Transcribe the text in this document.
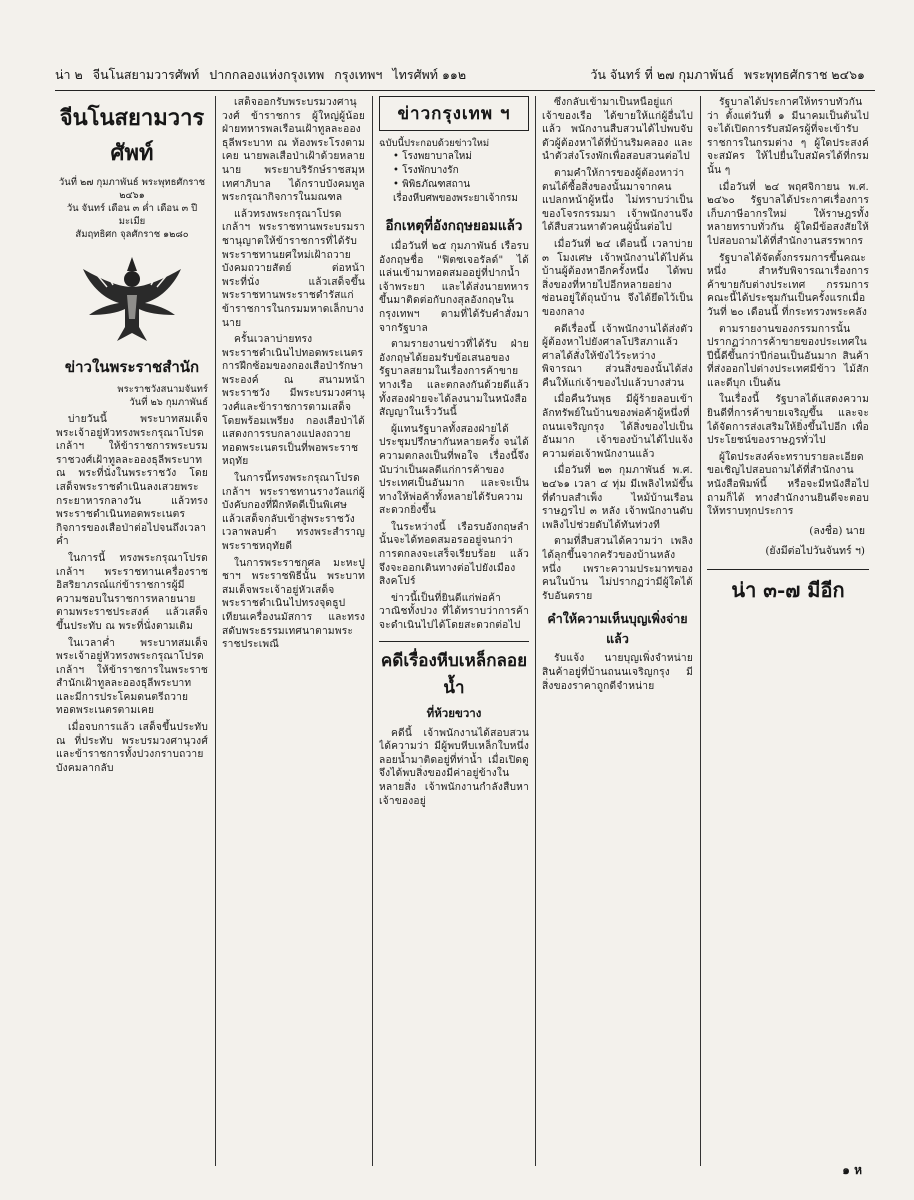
น่า ๒ จีนโนสยามวารศัพท์ ปากกลองแห่งกรุงเทพ กรุงเทพฯ ไทรศัพท์ ๑๑๒	วัน จันทร์ ที่ ๒๗ กุมภาพันธ์ พระพุทธศักราช ๒๔๖๑
จีนโนสยามวารศัพท์

วันที่ ๒๗ กุมภาพันธ์ พระพุทธศักราช ๒๔๖๑

วัน จันทร์ เดือน ๓ ค่ำ เดือน ๓ ปีมะเมีย

สัมฤทธิศก จุลศักราช ๑๒๘๐

ข่าวในพระราชสำนัก

พระราชวังสนามจันทร์

วันที่ ๒๖ กุมภาพันธ์

บ่ายวันนี้ พระบาทสมเด็จพระเจ้าอยู่หัวทรงพระกรุณาโปรดเกล้าฯ ให้ข้าราชการพระบรมราชวงศ์เฝ้าทูลละอองธุลีพระบาท ณ พระที่นั่งในพระราชวัง โดยเสด็จพระราชดำเนินลงเสวยพระกระยาหารกลางวัน แล้วทรงพระราชดำเนินทอดพระเนตรกิจการของเสือป่าต่อไปจนถึงเวลาค่ำ

ในการนี้ ทรงพระกรุณาโปรดเกล้าฯ พระราชทานเครื่องราชอิสริยาภรณ์แก่ข้าราชการผู้มีความชอบในราชการหลายนาย ตามพระราชประสงค์ แล้วเสด็จขึ้นประทับ ณ พระที่นั่งตามเดิม

ในเวลาค่ำ พระบาทสมเด็จพระเจ้าอยู่หัวทรงพระกรุณาโปรดเกล้าฯ ให้ข้าราชการในพระราชสำนักเฝ้าทูลละอองธุลีพระบาท และมีการประโคมดนตรีถวายทอดพระเนตรตามเคย

เมื่อจบการแล้ว เสด็จขึ้นประทับ ณ ที่ประทับ พระบรมวงศานุวงศ์และข้าราชการทั้งปวงกราบถวายบังคมลากลับ

เสด็จออกรับพระบรมวงศานุวงศ์ ข้าราชการ ผู้ใหญ่ผู้น้อยฝ่ายทหารพลเรือนเฝ้าทูลละอองธุลีพระบาท ณ ท้องพระโรงตามเคย นายพลเสือป่าเฝ้าด้วยหลายนาย พระยาบริรักษ์ราชสมุหเทศาภิบาล ได้กราบบังคมทูลพระกรุณากิจการในมณฑล

แล้วทรงพระกรุณาโปรดเกล้าฯ พระราชทานพระบรมราชานุญาตให้ข้าราชการที่ได้รับพระราชทานยศใหม่เฝ้าถวายบังคมถวายสัตย์ ต่อหน้าพระที่นั่ง แล้วเสด็จขึ้นพระราชทานพระราชดำรัสแก่ข้าราชการในกรมมหาดเล็กบางนาย

ครั้นเวลาบ่ายทรงพระราชดำเนินไปทอดพระเนตรการฝึกซ้อมของกองเสือป่ารักษาพระองค์ ณ สนามหน้าพระราชวัง มีพระบรมวงศานุวงศ์และข้าราชการตามเสด็จโดยพร้อมเพรียง กองเสือป่าได้แสดงการรบกลางแปลงถวายทอดพระเนตรเป็นที่พอพระราชหฤทัย

ในการนี้ทรงพระกรุณาโปรดเกล้าฯ พระราชทานรางวัลแก่ผู้บังคับกองที่ฝึกหัดดีเป็นพิเศษ แล้วเสด็จกลับเข้าสู่พระราชวังเวลาพลบค่ำ ทรงพระสำราญพระราชหฤทัยดี

ในการพระราชกุศล มะหะปูชาฯ พระราชพิธีนั้น พระบาทสมเด็จพระเจ้าอยู่หัวเสด็จพระราชดำเนินไปทรงจุดธูปเทียนเครื่องนมัสการ และทรงสดับพระธรรมเทศนาตามพระราชประเพณี

ข่าวกรุงเทพ ฯ

ฉบับนี้ประกอบด้วยข่าวใหม่

• โรงพยาบาลใหม่
• โรงพักบางรัก
• พิพิธภัณฑสถาน
เรื่องหีบศพของพระยาเจ้ากรม
อีกเหตุที่อังกฤษยอมแล้ว

เมื่อวันที่ ๒๕ กุมภาพันธ์ เรือรบอังกฤษชื่อ "ฟิตซเจอรัลด์" ได้แล่นเข้ามาทอดสมออยู่ที่ปากน้ำเจ้าพระยา และได้ส่งนายทหารขึ้นมาติดต่อกับกงสุลอังกฤษในกรุงเทพฯ ตามที่ได้รับคำสั่งมาจากรัฐบาล

ตามรายงานข่าวที่ได้รับ ฝ่ายอังกฤษได้ยอมรับข้อเสนอของรัฐบาลสยามในเรื่องการค้าขายทางเรือ และตกลงกันด้วยดีแล้ว ทั้งสองฝ่ายจะได้ลงนามในหนังสือสัญญาในเร็ววันนี้

ผู้แทนรัฐบาลทั้งสองฝ่ายได้ประชุมปรึกษากันหลายครั้ง จนได้ความตกลงเป็นที่พอใจ เรื่องนี้จึงนับว่าเป็นผลดีแก่การค้าของประเทศเป็นอันมาก และจะเป็นทางให้พ่อค้าทั้งหลายได้รับความสะดวกยิ่งขึ้น

ในระหว่างนี้ เรือรบอังกฤษลำนั้นจะได้ทอดสมอรออยู่จนกว่าการตกลงจะเสร็จเรียบร้อย แล้วจึงจะออกเดินทางต่อไปยังเมืองสิงคโปร์

ข่าวนี้เป็นที่ยินดีแก่พ่อค้าวาณิชทั้งปวง ที่ได้ทราบว่าการค้าจะดำเนินไปได้โดยสะดวกต่อไป

คดีเรื่องหีบเหล็กลอยน้ำ
ที่ห้วยขวาง

คดีนี้ เจ้าพนักงานได้สอบสวนได้ความว่า มีผู้พบหีบเหล็กใบหนึ่งลอยน้ำมาติดอยู่ที่ท่าน้ำ เมื่อเปิดดูจึงได้พบสิ่งของมีค่าอยู่ข้างในหลายสิ่ง เจ้าพนักงานกำลังสืบหาเจ้าของอยู่

ซึ่งกลับเข้ามาเป็นหนี้อยู่แก่เจ้าของเรือ ได้ขายให้แก่ผู้อื่นไปแล้ว พนักงานสืบสวนได้ไปพบจับตัวผู้ต้องหาได้ที่บ้านริมคลอง และนำตัวส่งโรงพักเพื่อสอบสวนต่อไป

ตามคำให้การของผู้ต้องหาว่า ตนได้ซื้อสิ่งของนั้นมาจากคนแปลกหน้าผู้หนึ่ง ไม่ทราบว่าเป็นของโจรกรรมมา เจ้าพนักงานจึงได้สืบสวนหาตัวคนผู้นั้นต่อไป

เมื่อวันที่ ๒๔ เดือนนี้ เวลาบ่าย ๓ โมงเศษ เจ้าพนักงานได้ไปค้นบ้านผู้ต้องหาอีกครั้งหนึ่ง ได้พบสิ่งของที่หายไปอีกหลายอย่าง ซ่อนอยู่ใต้ถุนบ้าน จึงได้ยึดไว้เป็นของกลาง

คดีเรื่องนี้ เจ้าพนักงานได้ส่งตัวผู้ต้องหาไปยังศาลโปริสภาแล้ว ศาลได้สั่งให้ขังไว้ระหว่างพิจารณา ส่วนสิ่งของนั้นได้ส่งคืนให้แก่เจ้าของไปแล้วบางส่วน

เมื่อคืนวันพุธ มีผู้ร้ายลอบเข้าลักทรัพย์ในบ้านของพ่อค้าผู้หนึ่งที่ถนนเจริญกรุง ได้สิ่งของไปเป็นอันมาก เจ้าของบ้านได้ไปแจ้งความต่อเจ้าพนักงานแล้ว

เมื่อวันที่ ๒๓ กุมภาพันธ์ พ.ศ. ๒๔๖๑ เวลา ๔ ทุ่ม มีเพลิงไหม้ขึ้นที่ตำบลสำเพ็ง ไหม้บ้านเรือนราษฎรไป ๓ หลัง เจ้าพนักงานดับเพลิงไปช่วยดับได้ทันท่วงที

ตามที่สืบสวนได้ความว่า เพลิงได้ลุกขึ้นจากครัวของบ้านหลังหนึ่ง เพราะความประมาทของคนในบ้าน ไม่ปรากฏว่ามีผู้ใดได้รับอันตราย

คำให้ความเห็นบุญเพิ่งจ่ายแล้ว

รับแจ้ง นายบุญเพิ่งจำหน่ายสินค้าอยู่ที่บ้านถนนเจริญกรุง มีสิ่งของราคาถูกดีจำหน่าย

รัฐบาลได้ประกาศให้ทราบทั่วกันว่า ตั้งแต่วันที่ ๑ มีนาคมเป็นต้นไป จะได้เปิดการรับสมัครผู้ที่จะเข้ารับราชการในกรมต่าง ๆ ผู้ใดประสงค์จะสมัคร ให้ไปยื่นใบสมัครได้ที่กรมนั้น ๆ

เมื่อวันที่ ๒๔ พฤศจิกายน พ.ศ. ๒๔๖๐ รัฐบาลได้ประกาศเรื่องการเก็บภาษีอากรใหม่ ให้ราษฎรทั้งหลายทราบทั่วกัน ผู้ใดมีข้อสงสัยให้ไปสอบถามได้ที่สำนักงานสรรพากร

รัฐบาลได้จัดตั้งกรรมการขึ้นคณะหนึ่ง สำหรับพิจารณาเรื่องการค้าขายกับต่างประเทศ กรรมการคณะนี้ได้ประชุมกันเป็นครั้งแรกเมื่อวันที่ ๒๐ เดือนนี้ ที่กระทรวงพระคลัง

ตามรายงานของกรรมการนั้น ปรากฏว่าการค้าขายของประเทศในปีนี้ดีขึ้นกว่าปีก่อนเป็นอันมาก สินค้าที่ส่งออกไปต่างประเทศมีข้าว ไม้สัก และดีบุก เป็นต้น

ในเรื่องนี้ รัฐบาลได้แสดงความยินดีที่การค้าขายเจริญขึ้น และจะได้จัดการส่งเสริมให้ยิ่งขึ้นไปอีก เพื่อประโยชน์ของราษฎรทั่วไป

ผู้ใดประสงค์จะทราบรายละเอียด ขอเชิญไปสอบถามได้ที่สำนักงานหนังสือพิมพ์นี้ หรือจะมีหนังสือไปถามก็ได้ ทางสำนักงานยินดีจะตอบให้ทราบทุกประการ

(ลงชื่อ) นาย
(ยังมีต่อไปวันจันทร์ ฯ)
น่า ๓-๗ มีอีก
๑ ห
